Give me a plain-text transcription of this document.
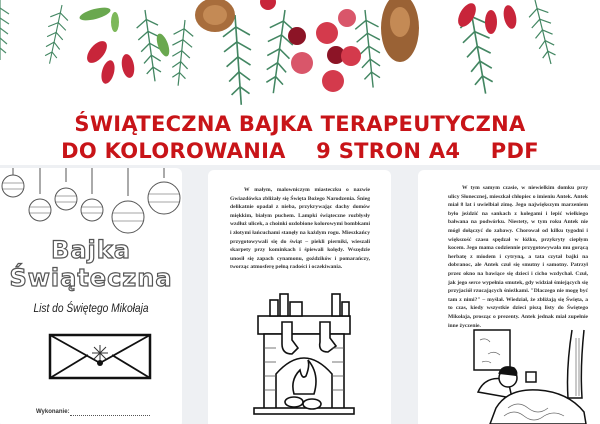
ŚWIĄTECZNA BAJKA TERAPEUTYCZNA
DO KOLOROWANIA    9 STRON A4    PDF
Bajka
Świąteczna
List do Świętego Mikołaja
Wykonanie:
W małym, malowniczym miasteczku o nazwie Gwiazdówka zbliżały się Święta Bożego Narodzenia. Śnieg delikatnie opadał z nieba, przykrywając dachy domów miękkim, białym puchem. Lampki świąteczne rozbłysły wzdłuż ulicek, a choinki ozdobione kolorowymi bombkami i złotymi łańcuchami stanęły na każdym rogu. Mieszkańcy przygotowywali się do świąt – piekli pierniki, wieszali skarpety przy kominkach i śpiewali kolędy. Wszędzie unosił się zapach cynamonu, goździków i pomarańczy, tworząc atmosferę pełną radości i oczekiwania.
W tym samym czasie, w niewielkim domku przy ulicy Słonecznej, mieszkał chłopiec o imieniu Antek. Antek miał 8 lat i uwielbiał zimę. Jego największym marzeniem było jeździć na sankach z kolegami i lepić wielkiego bałwana na podwórku. Niestety, w tym roku Antek nie mógł dołączyć do zabawy. Chorował od kilku tygodni i większość czasu spędzał w łóżku, przykryty ciepłym kocem. Jego mama codziennie przygotowywała mu gorącą herbatę z miodem i cytryną, a tata czytał bajki na dobranoc, ale Antek czuł się smutny i samotny. Patrzył przez okno na bawiące się dzieci i cicho wzdychał. Czuł, jak jego serce wypełnia smutek, gdy widział śmiejących się przyjaciół rzucających śnieżkami. "Dlaczego nie mogę być tam z nimi?" – myślał. Wiedział, że zbliżają się Święta, a to czas, kiedy wszystkie dzieci piszą listy do Świętego Mikołaja, prosząc o prezenty. Antek jednak miał zupełnie inne życzenie.
